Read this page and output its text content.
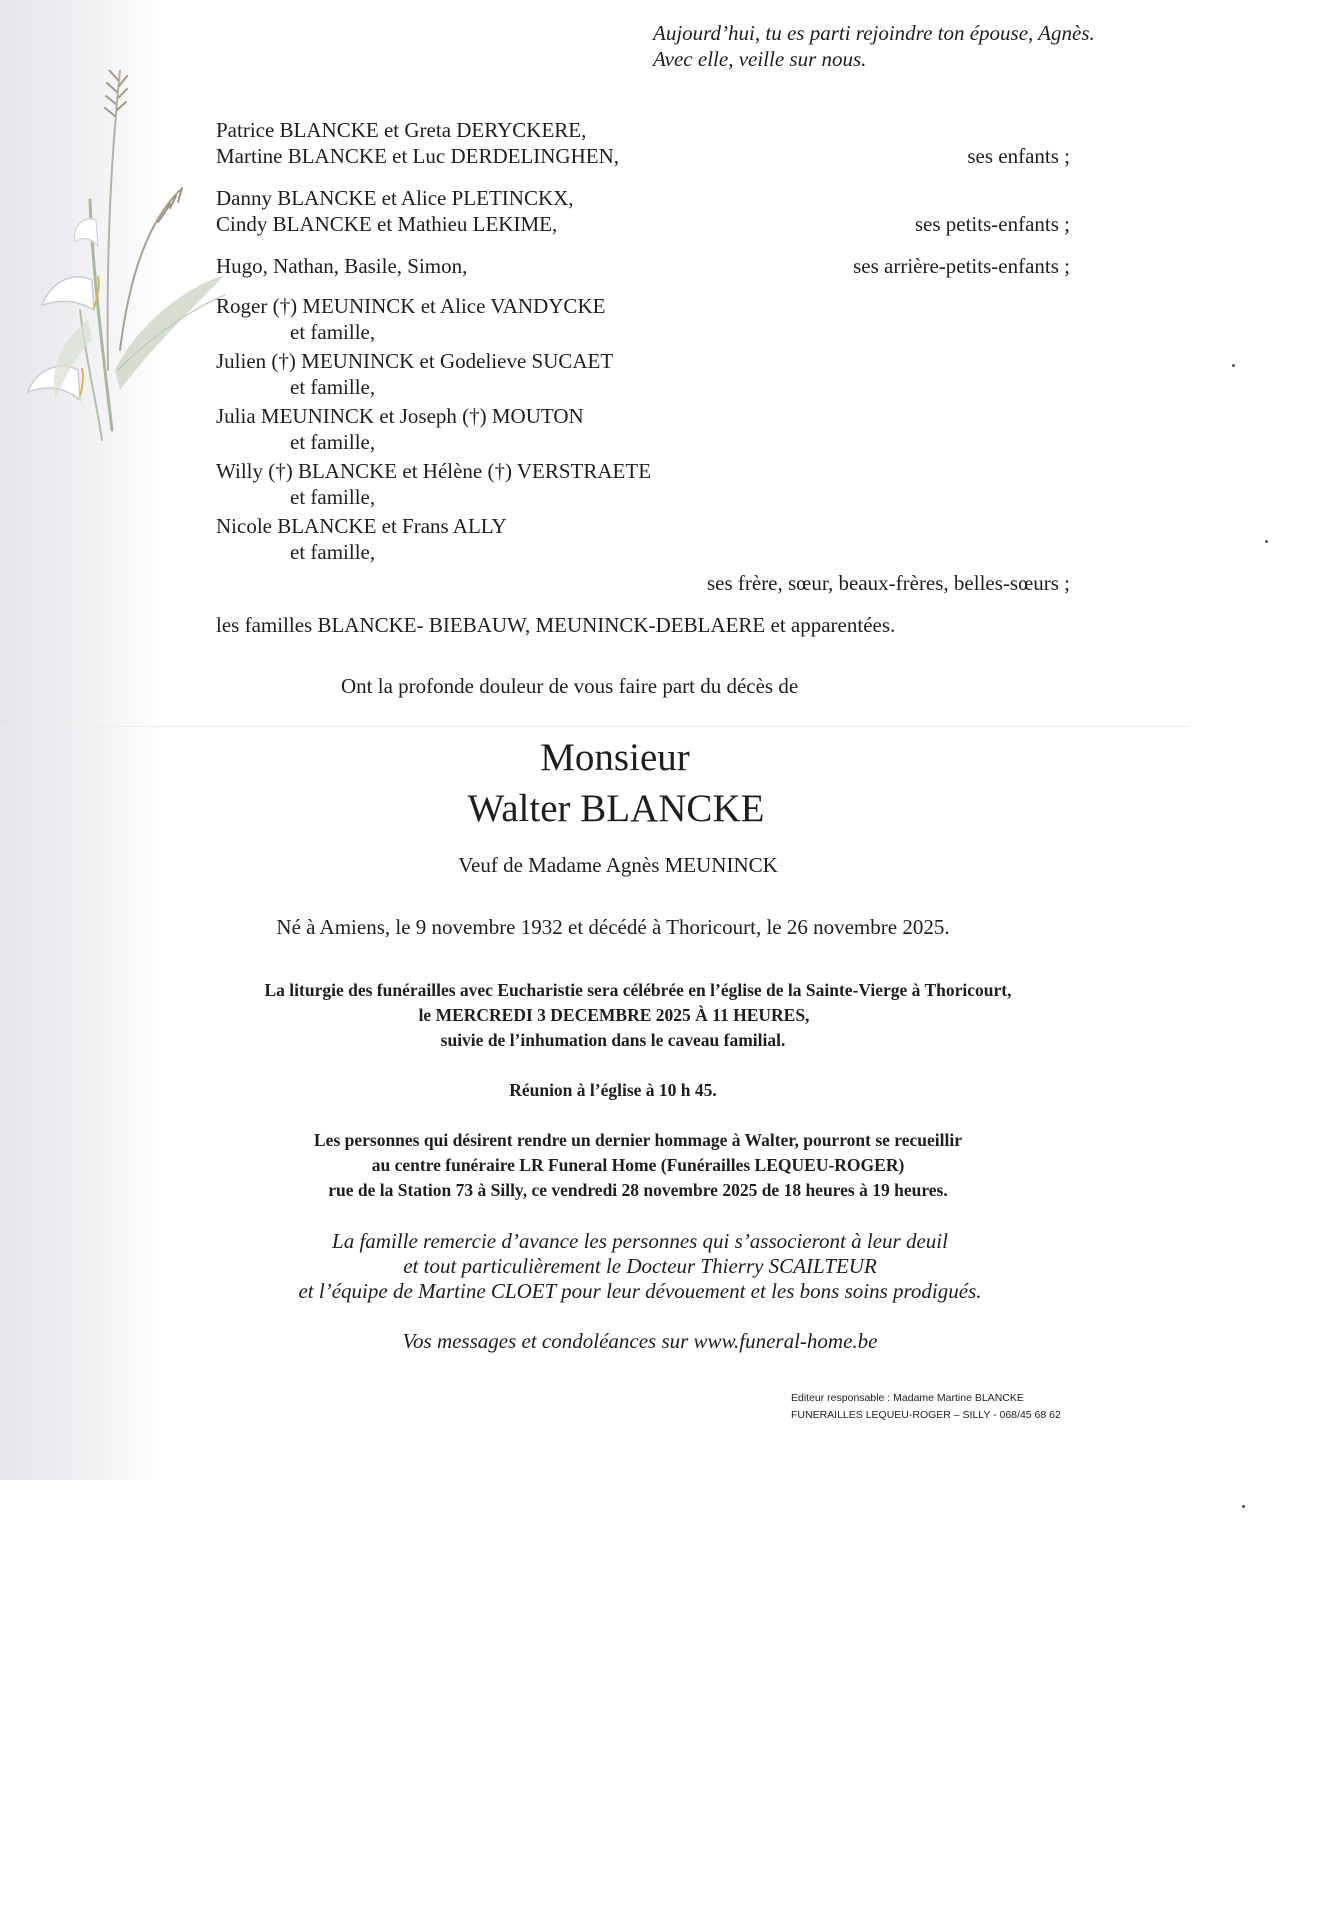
Aujourd’hui, tu es parti rejoindre ton épouse, Agnès.
Avec elle, veille sur nous.
Patrice BLANCKE et Greta DERYCKERE,
Martine BLANCKE et Luc DERDELINGHEN,	ses enfants ;
Danny BLANCKE et Alice PLETINCKX,
Cindy BLANCKE et Mathieu LEKIME,	ses petits-enfants ;
Hugo, Nathan, Basile, Simon,	ses arrière-petits-enfants ;
Roger (†) MEUNINCK et Alice VANDYCKE
et famille,
Julien (†) MEUNINCK et Godelieve SUCAET
et famille,
Julia MEUNINCK et Joseph (†) MOUTON
et famille,
Willy (†) BLANCKE et Hélène (†) VERSTRAETE
et famille,
Nicole BLANCKE et Frans ALLY
et famille,
ses frère, sœur, beaux-frères, belles-sœurs ;
les familles BLANCKE- BIEBAUW, MEUNINCK-DEBLAERE et apparentées.
Ont la profonde douleur de vous faire part du décès de
Monsieur
Walter BLANCKE
Veuf de Madame Agnès MEUNINCK
Né à Amiens, le 9 novembre 1932 et décédé à Thoricourt, le 26 novembre 2025.
La liturgie des funérailles avec Eucharistie sera célébrée en l’église de la Sainte-Vierge à Thoricourt,
le MERCREDI 3 DECEMBRE 2025 À 11 HEURES,
suivie de l’inhumation dans le caveau familial.
Réunion à l’église à 10 h 45.
Les personnes qui désirent rendre un dernier hommage à Walter, pourront se recueillir
au centre funéraire LR Funeral Home (Funérailles LEQUEU-ROGER)
rue de la Station 73 à Silly, ce vendredi 28 novembre 2025 de 18 heures à 19 heures.
La famille remercie d’avance les personnes qui s’associeront à leur deuil
et tout particulièrement le Docteur Thierry SCAILTEUR
et l’équipe de Martine CLOET pour leur dévouement et les bons soins prodigués.
Vos messages et condoléances sur www.funeral-home.be
Editeur responsable : Madame Martine BLANCKE
FUNERAILLES LEQUEU-ROGER – SILLY - 068/45 68 62
